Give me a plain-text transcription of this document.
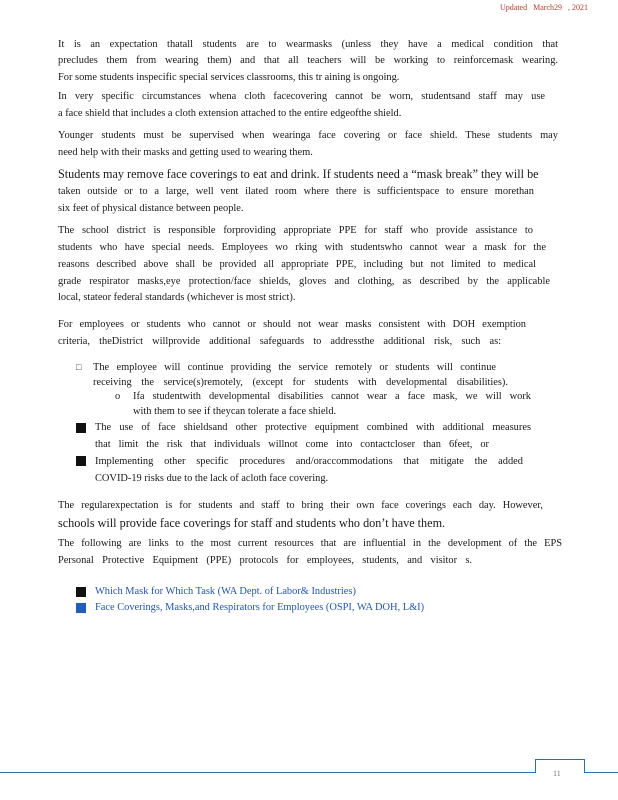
Updated March29 , 2021
It is an expectation thatall students are to wearmasks (unless they have a medical condition that
precludes them from wearing them) and that all teachers will be working to reinforcemask wearing.
For some students inspecific special services classrooms, this tr aining is ongoing.
In very specific circumstances whena cloth facecovering cannot be worn, studentsand staff may use
a face shield that includes a cloth extension attached to the entire edgeofthe shield.
Younger students must be supervised when wearinga face covering or face shield. These students may
need help with their masks and getting used to wearing them.
Students may remove face coverings to eat and drink. If students need a “mask break” they will be
taken outside or to a large, well vent ilated room where there is sufficientspace to ensure morethan
six feet of physical distance between people.
The school district is responsible forproviding appropriate PPE for staff who provide assistance to
students who have special needs. Employees wo rking with studentswho cannot wear a mask for the
reasons described above shall be provided all appropriate PPE, including but not limited to medical
grade respirator masks,eye protection/face shields, gloves and clothing, as described by the applicable
local, stateor federal standards (whichever is most strict).
For employees or students who cannot or should not wear masks consistent with DOH exemption
criteria, theDistrict willprovide additional safeguards to addressthe additional risk, such as:
□ The employee will continue providing the service remotely or students will continue
receiving the service(s)remotely, (except for students with developmental disabilities).
o Ifa studentwith developmental disabilities cannot wear a face mask, we will work
with them to see if theycan tolerate a face shield.
The use of face shieldsand other protective equipment combined with additional measures
that limit the risk that individuals willnot come into contactcloser than 6feet, or
Implementing other specific procedures and/oraccommodations that mitigate the added
COVID-19 risks due to the lack of acloth face covering.
The regularexpectation is for students and staff to bring their own face coverings each day. However,
schools will provide face coverings for staff and students who don’t have them.
The following are links to the most current resources that are influential in the development of the EPS
Personal Protective Equipment (PPE) protocols for employees, students, and visitor s.
Which Mask for Which Task (WA Dept. of Labor& Industries)
Face Coverings, Masks,and Respirators for Employees (OSPI, WA DOH, L&I)
11
